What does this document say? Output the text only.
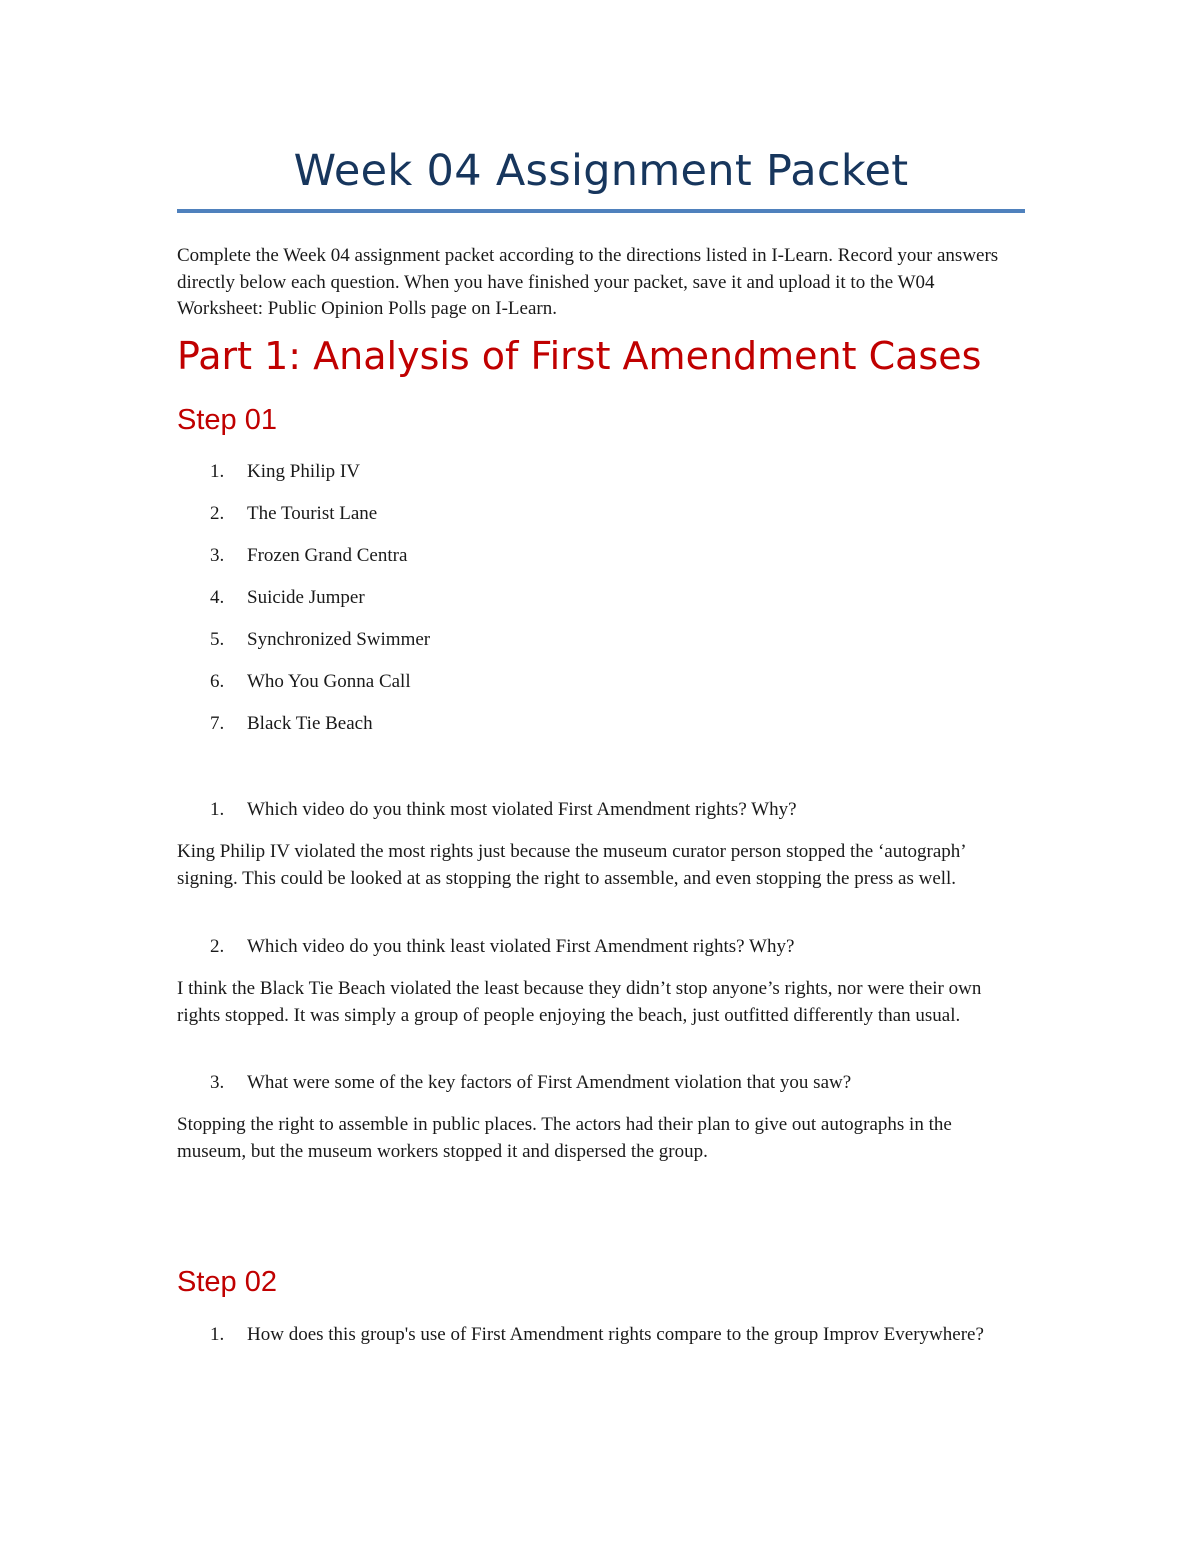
Week 04 Assignment Packet

Complete the Week 04 assignment packet according to the directions listed in I-Learn. Record your answers directly below each question. When you have finished your packet, save it and upload it to the W04 Worksheet: Public Opinion Polls page on I-Learn.

Part 1: Analysis of First Amendment Cases
Step 01
1.	King Philip IV
2.	The Tourist Lane
3.	Frozen Grand Centra
4.	Suicide Jumper
5.	Synchronized Swimmer
6.	Who You Gonna Call
7.	Black Tie Beach
1.	Which video do you think most violated First Amendment rights? Why?

King Philip IV violated the most rights just because the museum curator person stopped the ‘autograph’ signing. This could be looked at as stopping the right to assemble, and even stopping the press as well.

2.	Which video do you think least violated First Amendment rights? Why?

I think the Black Tie Beach violated the least because they didn’t stop anyone’s rights, nor were their own rights stopped. It was simply a group of people enjoying the beach, just outfitted differently than usual.

3.	What were some of the key factors of First Amendment violation that you saw?

Stopping the right to assemble in public places. The actors had their plan to give out autographs in the museum, but the museum workers stopped it and dispersed the group.

Step 02
1.	How does this group's use of First Amendment rights compare to the group Improv Everywhere?
